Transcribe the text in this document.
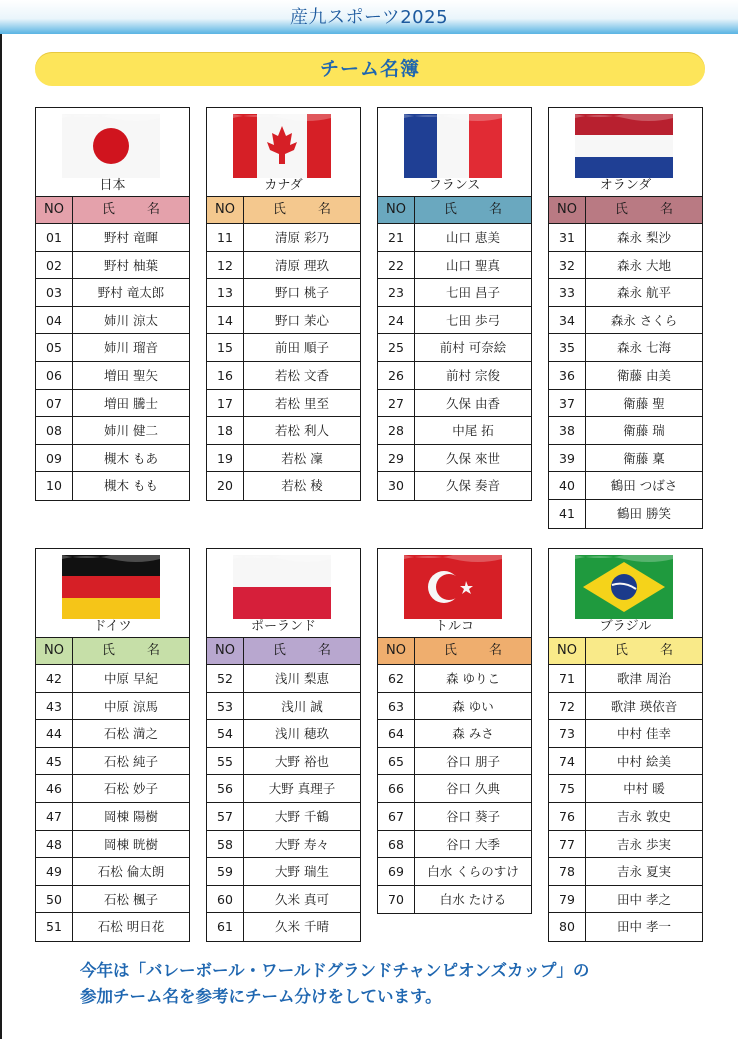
産九スポーツ2025
チーム名簿
日本
NO	氏 名
01	野村 竜暉
02	野村 柚葉
03	野村 竜太郎
04	姉川 涼太
05	姉川 瑠音
06	増田 聖矢
07	増田 騰士
08	姉川 健二
09	槻木 もあ
10	槻木 もも
カナダ
NO	氏 名
11	清原 彩乃
12	清原 理玖
13	野口 桃子
14	野口 茉心
15	前田 順子
16	若松 文香
17	若松 里至
18	若松 利人
19	若松 凜
20	若松 稜
フランス
NO	氏 名
21	山口 恵美
22	山口 聖真
23	七田 昌子
24	七田 歩弓
25	前村 可奈絵
26	前村 宗俊
27	久保 由香
28	中尾 拓
29	久保 來世
30	久保 奏音
オランダ
NO	氏 名
31	森永 梨沙
32	森永 大地
33	森永 航平
34	森永 さくら
35	森永 七海
36	衛藤 由美
37	衛藤 聖
38	衛藤 瑞
39	衛藤 稟
40	鶴田 つばさ
41	鶴田 勝笑
ドイツ
NO	氏 名
42	中原 早紀
43	中原 涼馬
44	石松 満之
45	石松 純子
46	石松 妙子
47	岡棟 陽樹
48	岡棟 晄樹
49	石松 倫太朗
50	石松 楓子
51	石松 明日花
ポーランド
NO	氏 名
52	浅川 梨恵
53	浅川 誠
54	浅川 穂玖
55	大野 裕也
56	大野 真理子
57	大野 千鶴
58	大野 寿々
59	大野 瑞生
60	久米 真可
61	久米 千晴
トルコ
NO	氏 名
62	森 ゆりこ
63	森 ゆい
64	森 みさ
65	谷口 朋子
66	谷口 久典
67	谷口 葵子
68	谷口 大季
69	白水 くらのすけ
70	白水 たける
ブラジル
NO	氏 名
71	歌津 周治
72	歌津 瑛依音
73	中村 佳幸
74	中村 絵美
75	中村 暖
76	吉永 敦史
77	吉永 歩実
78	吉永 夏実
79	田中 孝之
80	田中 孝一
今年は「バレーボール・ワールドグランドチャンピオンズカップ」の
参加チーム名を参考にチーム分けをしています。
